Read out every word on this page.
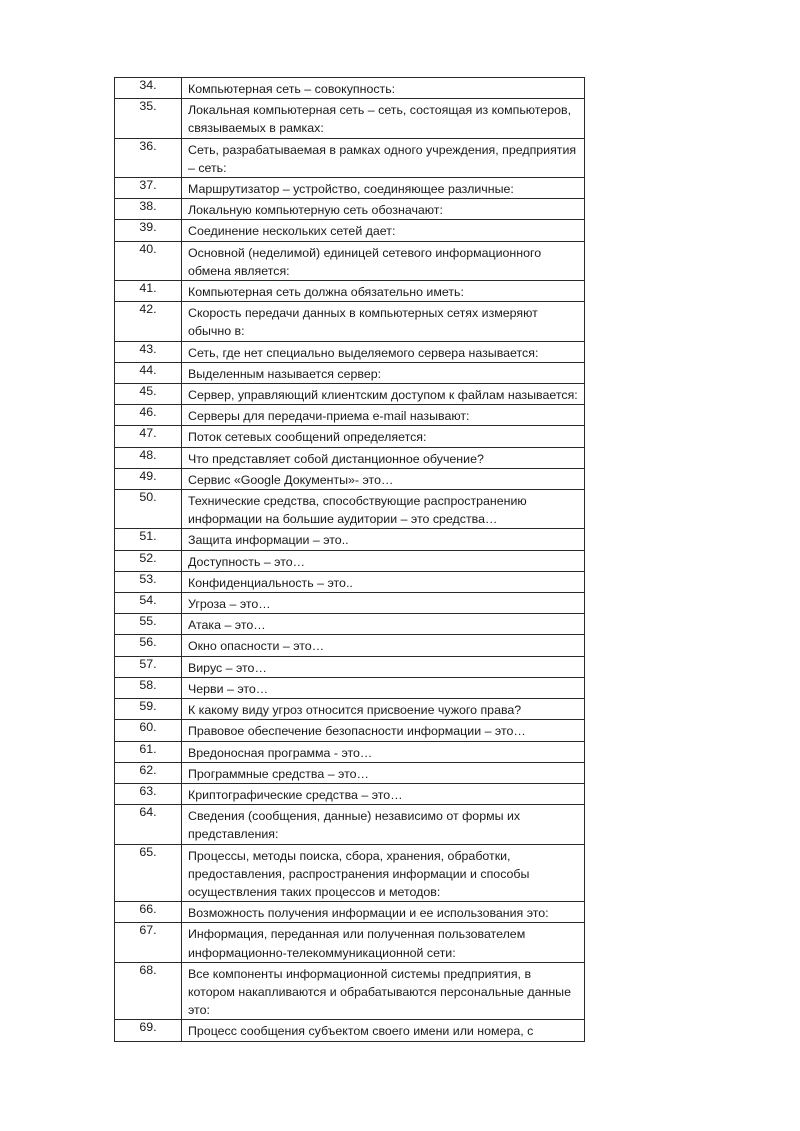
34.	Компьютерная сеть – совокупность:
35.	Локальная компьютерная сеть – сеть, состоящая из компьютеров, связываемых в рамках:
36.	Сеть, разрабатываемая в рамках одного учреждения, предприятия – сеть:
37.	Маршрутизатор – устройство, соединяющее различные:
38.	Локальную компьютерную сеть обозначают:
39.	Соединение нескольких сетей дает:
40.	Основной (неделимой) единицей сетевого информационного обмена является:
41.	Компьютерная сеть должна обязательно иметь:
42.	Скорость передачи данных в компьютерных сетях измеряют обычно в:
43.	Сеть, где нет специально выделяемого сервера называется:
44.	Выделенным называется сервер:
45.	Сервер, управляющий клиентским доступом к файлам называется:
46.	Серверы для передачи-приема e-mail называют:
47.	Поток сетевых сообщений определяется:
48.	Что представляет собой дистанционное обучение?
49.	Сервис «Google Документы»- это…
50.	Технические средства, способствующие распространению информации на большие аудитории – это средства…
51.	Защита информации – это..
52.	Доступность – это…
53.	Конфиденциальность – это..
54.	Угроза – это…
55.	Атака – это…
56.	Окно опасности – это…
57.	Вирус – это…
58.	Черви – это…
59.	К какому виду угроз относится присвоение чужого права?
60.	Правовое обеспечение безопасности информации – это…
61.	Вредоносная программа - это…
62.	Программные средства – это…
63.	Криптографические средства – это…
64.	Сведения (сообщения, данные) независимо от формы их представления:
65.	Процессы, методы поиска, сбора, хранения, обработки, предоставления, распространения информации и способы осуществления таких процессов и методов:
66.	Возможность получения информации и ее использования это:
67.	Информация, переданная или полученная пользователем информационно-телекоммуникационной сети:
68.	Все компоненты информационной системы предприятия, в котором накапливаются и обрабатываются персональные данные это:
69.	Процесс сообщения субъектом своего имени или номера, с
